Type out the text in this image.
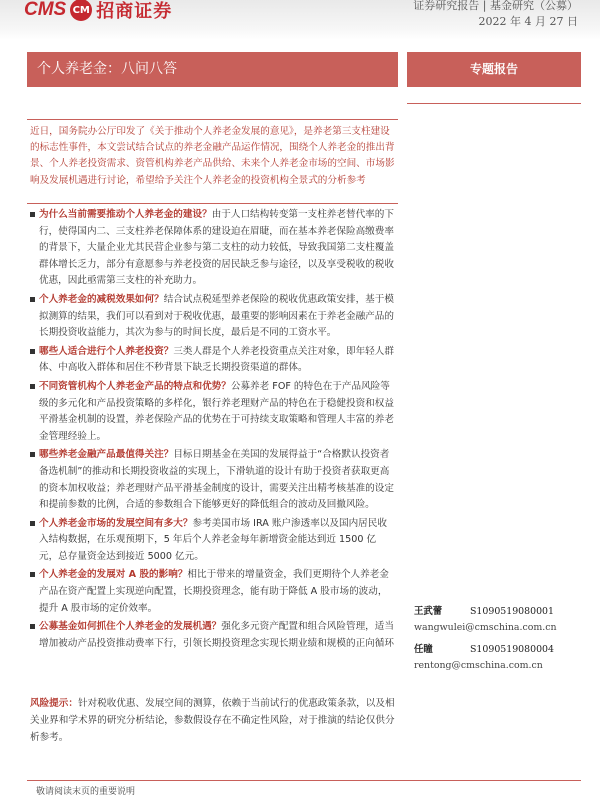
CMS CM 招商证券	证券研究报告 | 基金研究（公募）
2022 年 4 月 27 日
个人养老金：八问八答	专题报告

近日，国务院办公厅印发了《关于推动个人养老金发展的意见》，是养老第三支柱建设的标志性事件，本文尝试结合试点的养老金融产品运作情况，围绕个人养老金的推出背景、个人养老投资需求、资管机构养老产品供给、未来个人养老金市场的空间、市场影响及发展机遇进行讨论，希望给予关注个人养老金的投资机构全景式的分析参考

为什么当前需要推动个人养老金的建设？由于人口结构转变第一支柱养老替代率的下行，使得国内二、三支柱养老保障体系的建设迫在眉睫，而在基本养老保险高缴费率的背景下，大量企业尤其民营企业参与第二支柱的动力较低，导致我国第二支柱覆盖群体增长乏力，部分有意愿参与养老投资的居民缺乏参与途径，以及享受税收的税收优惠，因此亟需第三支柱的补充助力。
个人养老金的减税效果如何？结合试点税延型养老保险的税收优惠政策安排，基于模拟测算的结果，我们可以看到对于税收优惠，最重要的影响因素在于养老金融产品的长期投资收益能力，其次为参与的时间长度，最后是不同的工资水平。
哪些人适合进行个人养老投资？三类人群是个人养老投资重点关注对象，即年轻人群体、中高收入群体和居住不秒背景下缺乏长期投资渠道的群体。
不同资管机构个人养老金产品的特点和优势？公募养老 FOF 的特色在于产品风险等级的多元化和产品投资策略的多样化，银行养老理财产品的特色在于稳健投资和权益平滑基金机制的设置，养老保险产品的优势在于可持续支取策略和管理人丰富的养老金管理经验上。
哪些养老金融产品最值得关注？目标日期基金在美国的发展得益于“合格默认投资者备选机制”的推动和长期投资收益的实现上，下滑轨道的设计有助于投资者获取更高的资本加权收益；养老理财产品平滑基金制度的设计，需要关注出精考核基准的设定和提前参数的比例，合适的参数组合下能够更好的降低组合的波动及回撤风险。
个人养老金市场的发展空间有多大？参考美国市场 IRA 账户渗透率以及国内居民收入结构数据，在乐观预期下，5 年后个人养老金每年新增资金能达到近 1500 亿元，总存量资金达到接近 5000 亿元。
个人养老金的发展对 A 股的影响？相比于带来的增量资金，我们更期待个人养老金产品在资产配置上实现逆向配置，长期投资理念，能有助于降低 A 股市场的波动，提升 A 股市场的定价效率。
公募基金如何抓住个人养老金的发展机遇？强化多元资产配置和组合风险管理，适当增加被动产品投资推动费率下行，引领长期投资理念实现长期业绩和规模的正向循环
王武蕾	S1090519080001
wangwulei@cmschina.com.cn
任瞳	S1090519080004
rentong@cmschina.com.cn

风险提示：针对税收优惠、发展空间的测算，依赖于当前试行的优惠政策条款，以及相关业界和学术界的研究分析结论，参数假设存在不确定性风险，对于推演的结论仅供分析参考。

敬请阅读末页的重要说明
